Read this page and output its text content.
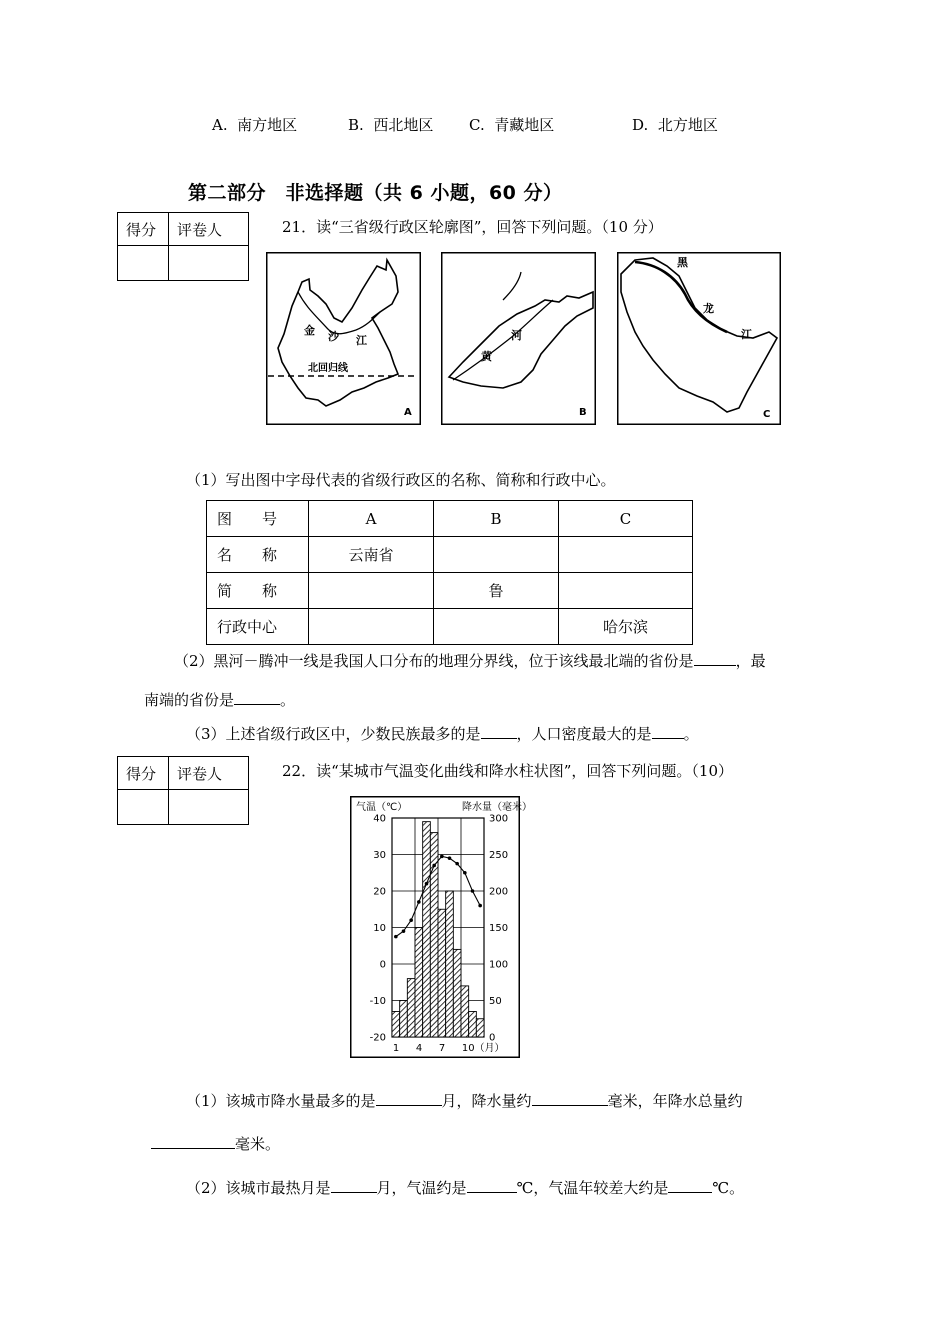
A. 南方地区	B. 西北地区 C. 青藏地区	D. 北方地区
第二部分　非选择题（共 6 小题，60 分）
得分	评卷人
		21．读“三省级行政区轮廓图”，回答下列问题。（10 分）
金 沙 江
北回归线
A
河
黄
B
黑
龙
江
C
（1）写出图中字母代表的省级行政区的名称、简称和行政中心。
图　　号	A	B	C
名　　称	云南省		
简　　称		鲁	
行政中心			哈尔滨
（2）黑河－腾冲一线是我国人口分布的地理分界线，位于该线最北端的省份是	，最
南端的省份是	。
（3）上述省级行政区中，少数民族最多的是 ，人口密度最大的是 。
得分	评卷人
		22．读“某城市气温变化曲线和降水柱状图”，回答下列问题。（10）
气温（℃）	降水量（毫米）
40
30
20
10
0
-10
-20
300
250
200
150
100
50
0
1 4 7 10（月）
（1）该城市降水量最多的是	月，降水量约	毫米，年降水总量约
毫米。
（2）该城市最热月是	月，气温约是	℃，气温年较差大约是	℃。
